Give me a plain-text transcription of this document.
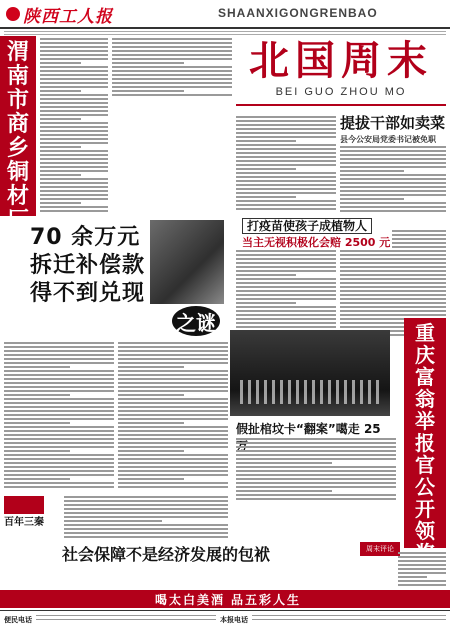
陕西工人报	SHAANXIGONGRENBAO
渭
南
市
商
乡
铜
材
厂
北国周末
BEI GUO ZHOU MO
提拔干部如卖菜
县今公安局党委书记被免职
70 余万元
拆迁补偿款
得不到兑现
之谜
打疫苗使孩子成植物人
当主无视积极化会赔 2500 元
重
庆
富
翁
举
报
官
公
开
领
假扯棺坟卡“翻案”噶走 25
百年三秦
社会保障不是经济发展的包袱	周末评论
喝太白美酒 品五彩人生
便民电话	本报电话
